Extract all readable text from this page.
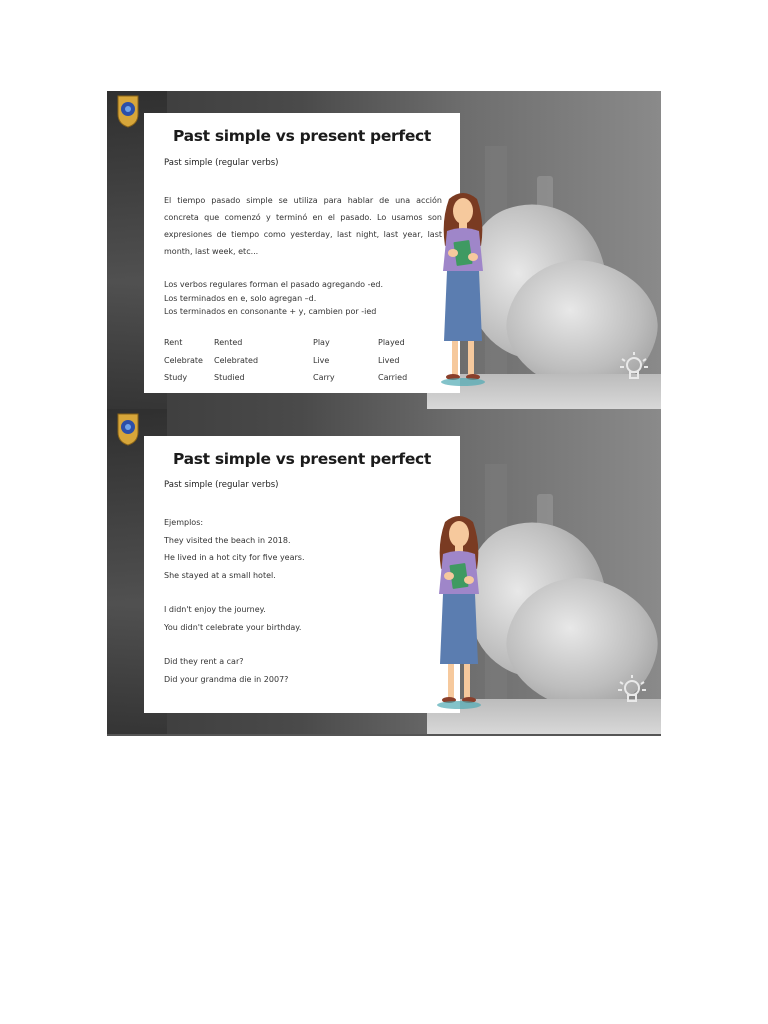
Past simple vs present perfect
Past simple (regular verbs)
El tiempo pasado simple se utiliza para hablar de una acción concreta que comenzó y terminó en el pasado. Lo usamos son expresiones de tiempo como yesterday, last night, last year, last month, last week, etc...
Los verbos regulares forman el pasado agregando -ed.
Los terminados en e, solo agregan –d.
Los terminados en consonante + y, cambien por -ied
Rent	Rented	Play	Played
Celebrate	Celebrated	Live	Lived
Study	Studied	Carry	Carried
Past simple vs present perfect
Past simple (regular verbs)
Ejemplos:
They visited the beach in 2018.
He lived in a hot city for five years.
She stayed at a small hotel.
I didn't enjoy the journey.
You didn't celebrate your birthday.
Did they rent a car?
Did your grandma die in 2007?
